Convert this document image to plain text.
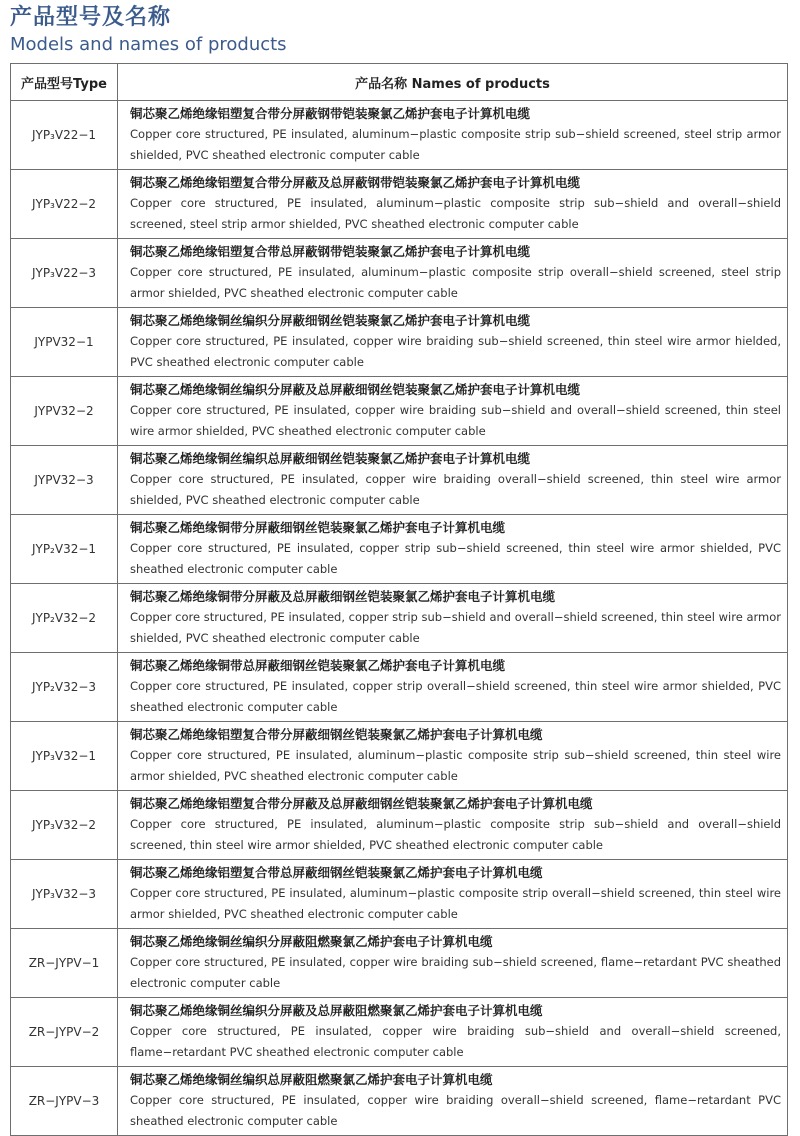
产品型号及名称
Models and names of products
产品型号Type	产品名称 Names of products
JYP₃V22−1	铜芯聚乙烯绝缘铝塑复合带分屏蔽钢带铠装聚氯乙烯护套电子计算机电缆
Copper core structured, PE insulated, aluminum−plastic composite strip sub−shield screened, steel strip armor shielded, PVC sheathed electronic computer cable

JYP₃V22−2	铜芯聚乙烯绝缘铝塑复合带分屏蔽及总屏蔽钢带铠装聚氯乙烯护套电子计算机电缆
Copper core structured, PE insulated, aluminum−plastic composite strip sub−shield and overall−shield screened, steel strip armor shielded, PVC sheathed electronic computer cable

JYP₃V22−3	铜芯聚乙烯绝缘铝塑复合带总屏蔽钢带铠装聚氯乙烯护套电子计算机电缆
Copper core structured, PE insulated, aluminum−plastic composite strip overall−shield screened, steel strip armor shielded, PVC sheathed electronic computer cable

JYPV32−1	铜芯聚乙烯绝缘铜丝编织分屏蔽细钢丝铠装聚氯乙烯护套电子计算机电缆
Copper core structured, PE insulated, copper wire braiding sub−shield screened, thin steel wire armor hielded, PVC sheathed electronic computer cable

JYPV32−2	铜芯聚乙烯绝缘铜丝编织分屏蔽及总屏蔽细钢丝铠装聚氯乙烯护套电子计算机电缆
Copper core structured, PE insulated, copper wire braiding sub−shield and overall−shield screened, thin steel wire armor shielded, PVC sheathed electronic computer cable

JYPV32−3	铜芯聚乙烯绝缘铜丝编织总屏蔽细钢丝铠装聚氯乙烯护套电子计算机电缆
Copper core structured, PE insulated, copper wire braiding overall−shield screened, thin steel wire armor shielded, PVC sheathed electronic computer cable

JYP₂V32−1	铜芯聚乙烯绝缘铜带分屏蔽细钢丝铠装聚氯乙烯护套电子计算机电缆
Copper core structured, PE insulated, copper strip sub−shield screened, thin steel wire armor shielded, PVC sheathed electronic computer cable

JYP₂V32−2	铜芯聚乙烯绝缘铜带分屏蔽及总屏蔽细钢丝铠装聚氯乙烯护套电子计算机电缆
Copper core structured, PE insulated, copper strip sub−shield and overall−shield screened, thin steel wire armor shielded, PVC sheathed electronic computer cable

JYP₂V32−3	铜芯聚乙烯绝缘铜带总屏蔽细钢丝铠装聚氯乙烯护套电子计算机电缆
Copper core structured, PE insulated, copper strip overall−shield screened, thin steel wire armor shielded, PVC sheathed electronic computer cable

JYP₃V32−1	铜芯聚乙烯绝缘铝塑复合带分屏蔽细钢丝铠装聚氯乙烯护套电子计算机电缆
Copper core structured, PE insulated, aluminum−plastic composite strip sub−shield screened, thin steel wire armor shielded, PVC sheathed electronic computer cable

JYP₃V32−2	铜芯聚乙烯绝缘铝塑复合带分屏蔽及总屏蔽细钢丝铠装聚氯乙烯护套电子计算机电缆
Copper core structured, PE insulated, aluminum−plastic composite strip sub−shield and overall−shield screened, thin steel wire armor shielded, PVC sheathed electronic computer cable

JYP₃V32−3	铜芯聚乙烯绝缘铝塑复合带总屏蔽细钢丝铠装聚氯乙烯护套电子计算机电缆
Copper core structured, PE insulated, aluminum−plastic composite strip overall−shield screened, thin steel wire armor shielded, PVC sheathed electronic computer cable

ZR−JYPV−1	铜芯聚乙烯绝缘铜丝编织分屏蔽阻燃聚氯乙烯护套电子计算机电缆
Copper core structured, PE insulated, copper wire braiding sub−shield screened, flame−retardant PVC sheathed electronic computer cable

ZR−JYPV−2	铜芯聚乙烯绝缘铜丝编织分屏蔽及总屏蔽阻燃聚氯乙烯护套电子计算机电缆
Copper core structured, PE insulated, copper wire braiding sub−shield and overall−shield screened, flame−retardant PVC sheathed electronic computer cable

ZR−JYPV−3	铜芯聚乙烯绝缘铜丝编织总屏蔽阻燃聚氯乙烯护套电子计算机电缆
Copper core structured, PE insulated, copper wire braiding overall−shield screened, flame−retardant PVC sheathed electronic computer cable
